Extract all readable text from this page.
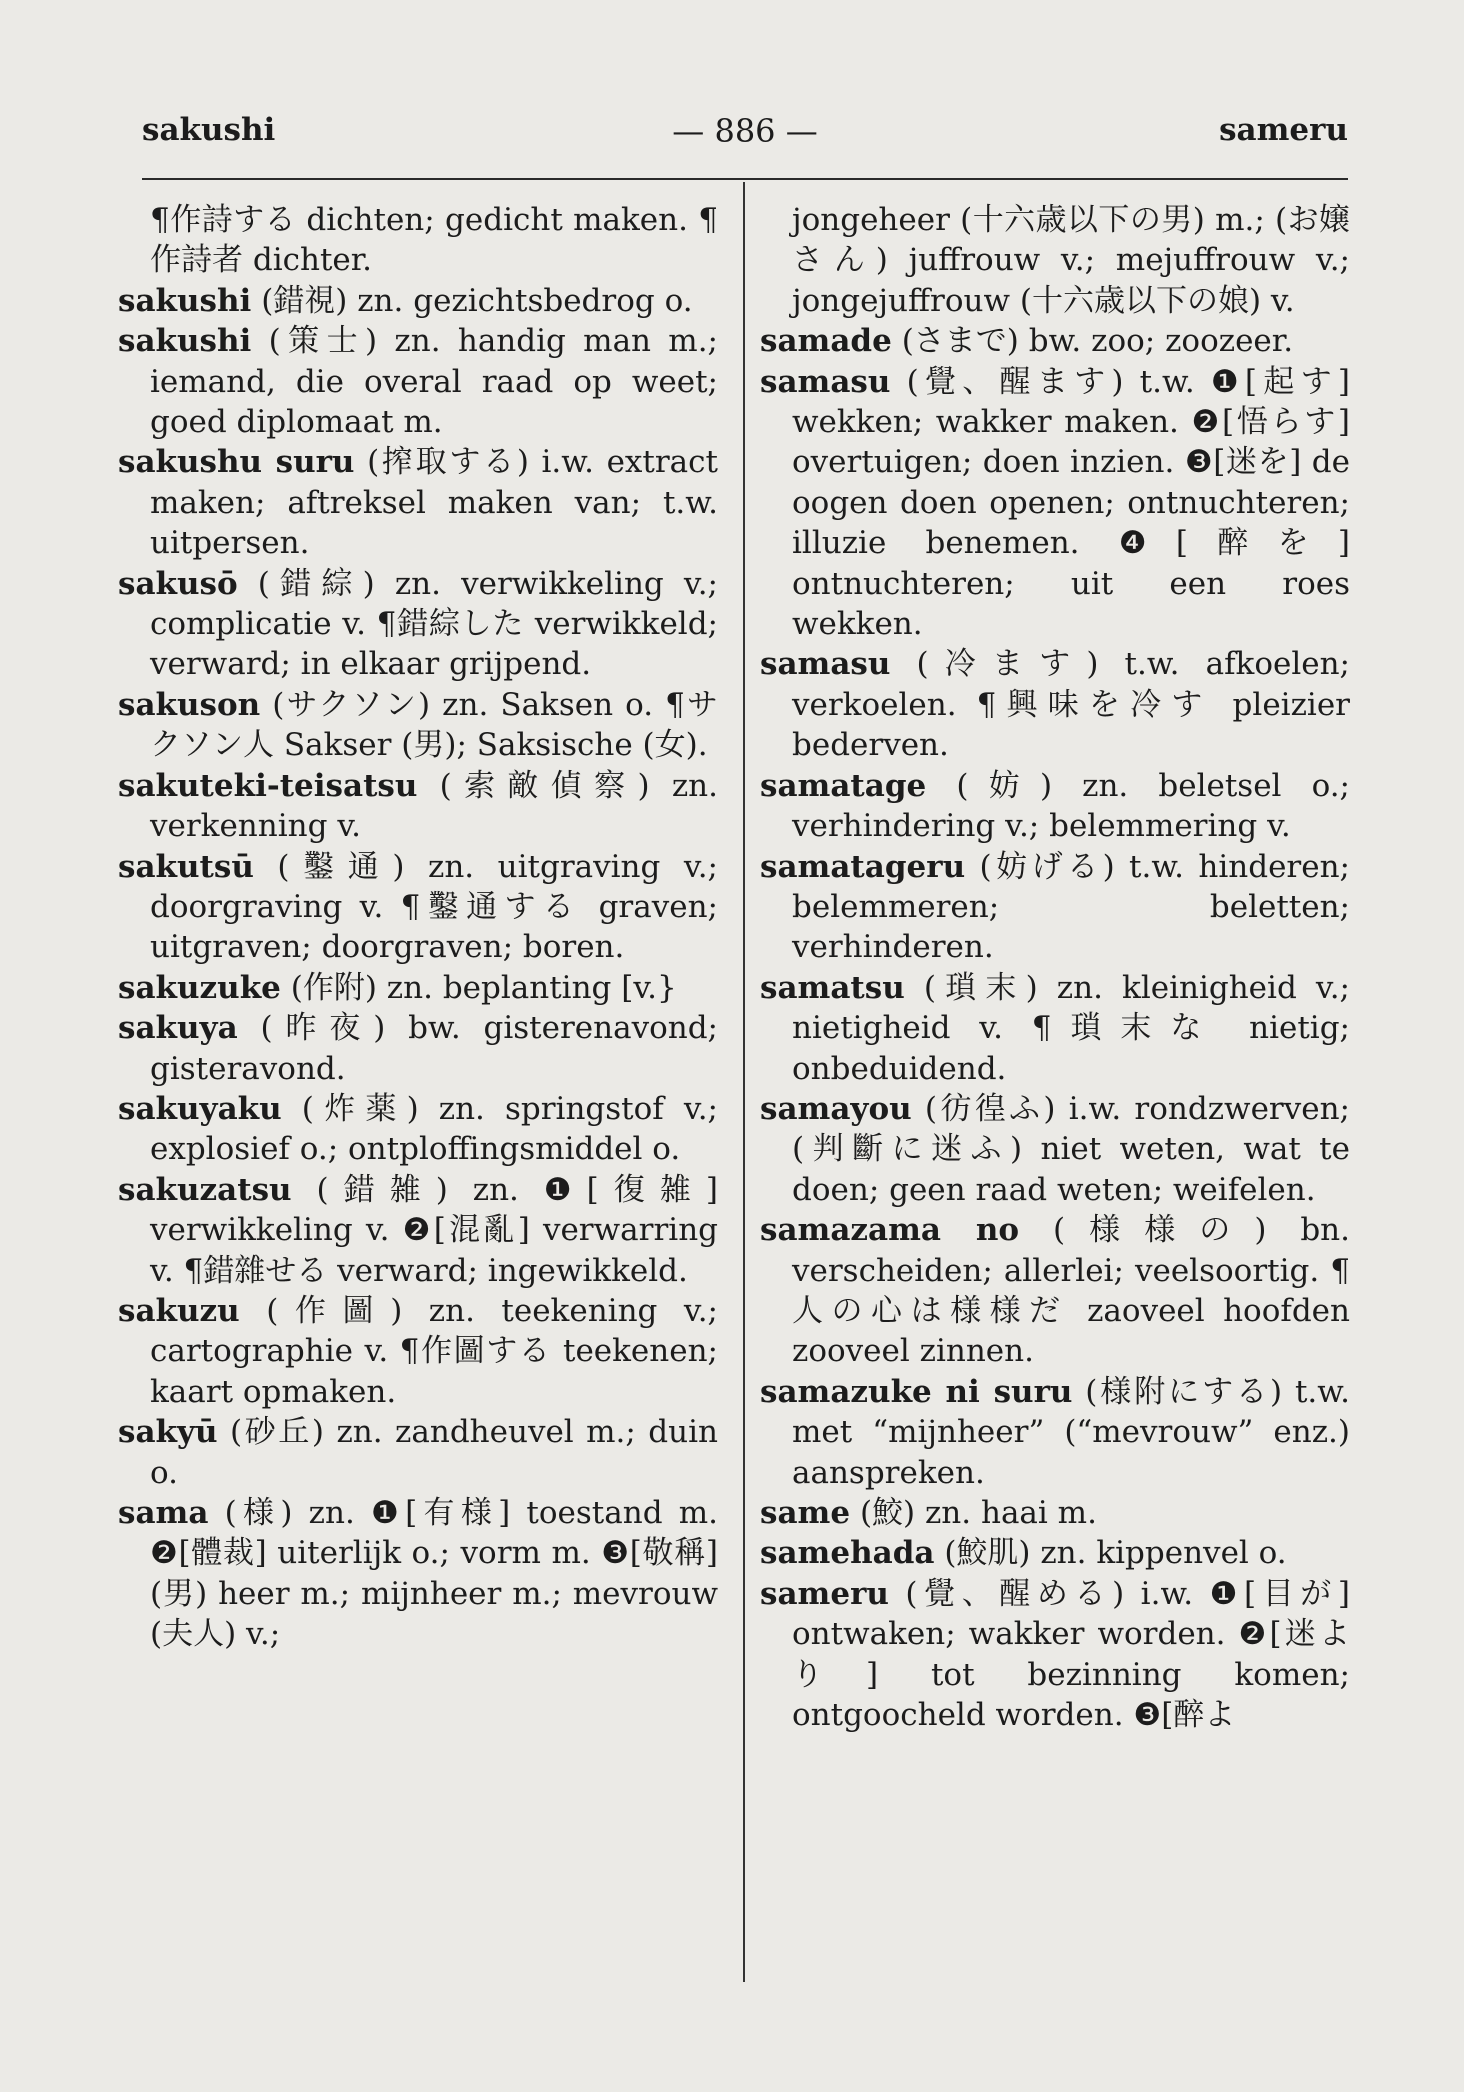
sakushi	— 886 —	sameru

¶作詩する dichten; gedicht maken. ¶作詩者 dichter.

sakushi (錯視) zn. gezichtsbedrog o.

sakushi (策士) zn. handig man m.; iemand, die overal raad op weet; goed diplomaat m.

sakushu suru (搾取する) i.w. extract maken; aftreksel maken van; t.w. uitpersen.

sakusō (錯綜) zn. verwikkeling v.; complicatie v. ¶錯綜した verwikkeld; verward; in elkaar grijpend.

sakuson (サクソン) zn. Saksen o. ¶サクソン人 Sakser (男); Saksische (女).

sakuteki-teisatsu (索敵偵察) zn. verkenning v.

sakutsū (鑿通) zn. uitgraving v.; doorgraving v. ¶鑿通する graven; uitgraven; doorgraven; boren.

sakuzuke (作附) zn. beplanting [v.}

sakuya (昨夜) bw. gisterenavond; gisteravond.

sakuyaku (炸薬) zn. springstof v.; explosief o.; ontploffingsmiddel o.

sakuzatsu (錯雑) zn. ❶[復雑] verwikkeling v. ❷[混亂] verwarring v. ¶錯雜せる verward; ingewikkeld.

sakuzu (作圖) zn. teekening v.; cartographie v. ¶作圖する teekenen; kaart opmaken.

sakyū (砂丘) zn. zandheuvel m.; duin o.

sama (様) zn. ❶[有様] toestand m. ❷[體裁] uiterlijk o.; vorm m. ❸[敬稱] (男) heer m.; mijnheer m.; mevrouw (夫人) v.;

jongeheer (十六歳以下の男) m.; (お嬢さん) juffrouw v.; mejuffrouw v.; jongejuffrouw (十六歳以下の娘) v.

samade (さまで) bw. zoo; zoozeer.

samasu (覺、醒ます) t.w. ❶[起す] wekken; wakker maken. ❷[悟らす] overtuigen; doen inzien. ❸[迷を] de oogen doen openen; ontnuchteren; illuzie benemen. ❹[醉を] ontnuchteren; uit een roes wekken.

samasu (冷ます) t.w. afkoelen; verkoelen. ¶興味を冷す pleizier bederven.

samatage (妨) zn. beletsel o.; verhindering v.; belemmering v.

samatageru (妨げる) t.w. hinderen; belemmeren; beletten; verhinderen.

samatsu (瑣末) zn. kleinigheid v.; nietigheid v. ¶瑣末な nietig; onbeduidend.

samayou (彷徨ふ) i.w. rondzwerven; (判斷に迷ふ) niet weten, wat te doen; geen raad weten; weifelen.

samazama no (様様の) bn. verscheiden; allerlei; veelsoortig. ¶人の心は様様だ zaoveel hoofden zooveel zinnen.

samazuke ni suru (様附にする) t.w. met “mijnheer” (“mevrouw” enz.) aanspreken.

same (鮫) zn. haai m.

samehada (鮫肌) zn. kippenvel o.

sameru (覺、醒める) i.w. ❶[目が] ontwaken; wakker worden. ❷[迷より] tot bezinning komen; ontgoocheld worden. ❸[醉よ
